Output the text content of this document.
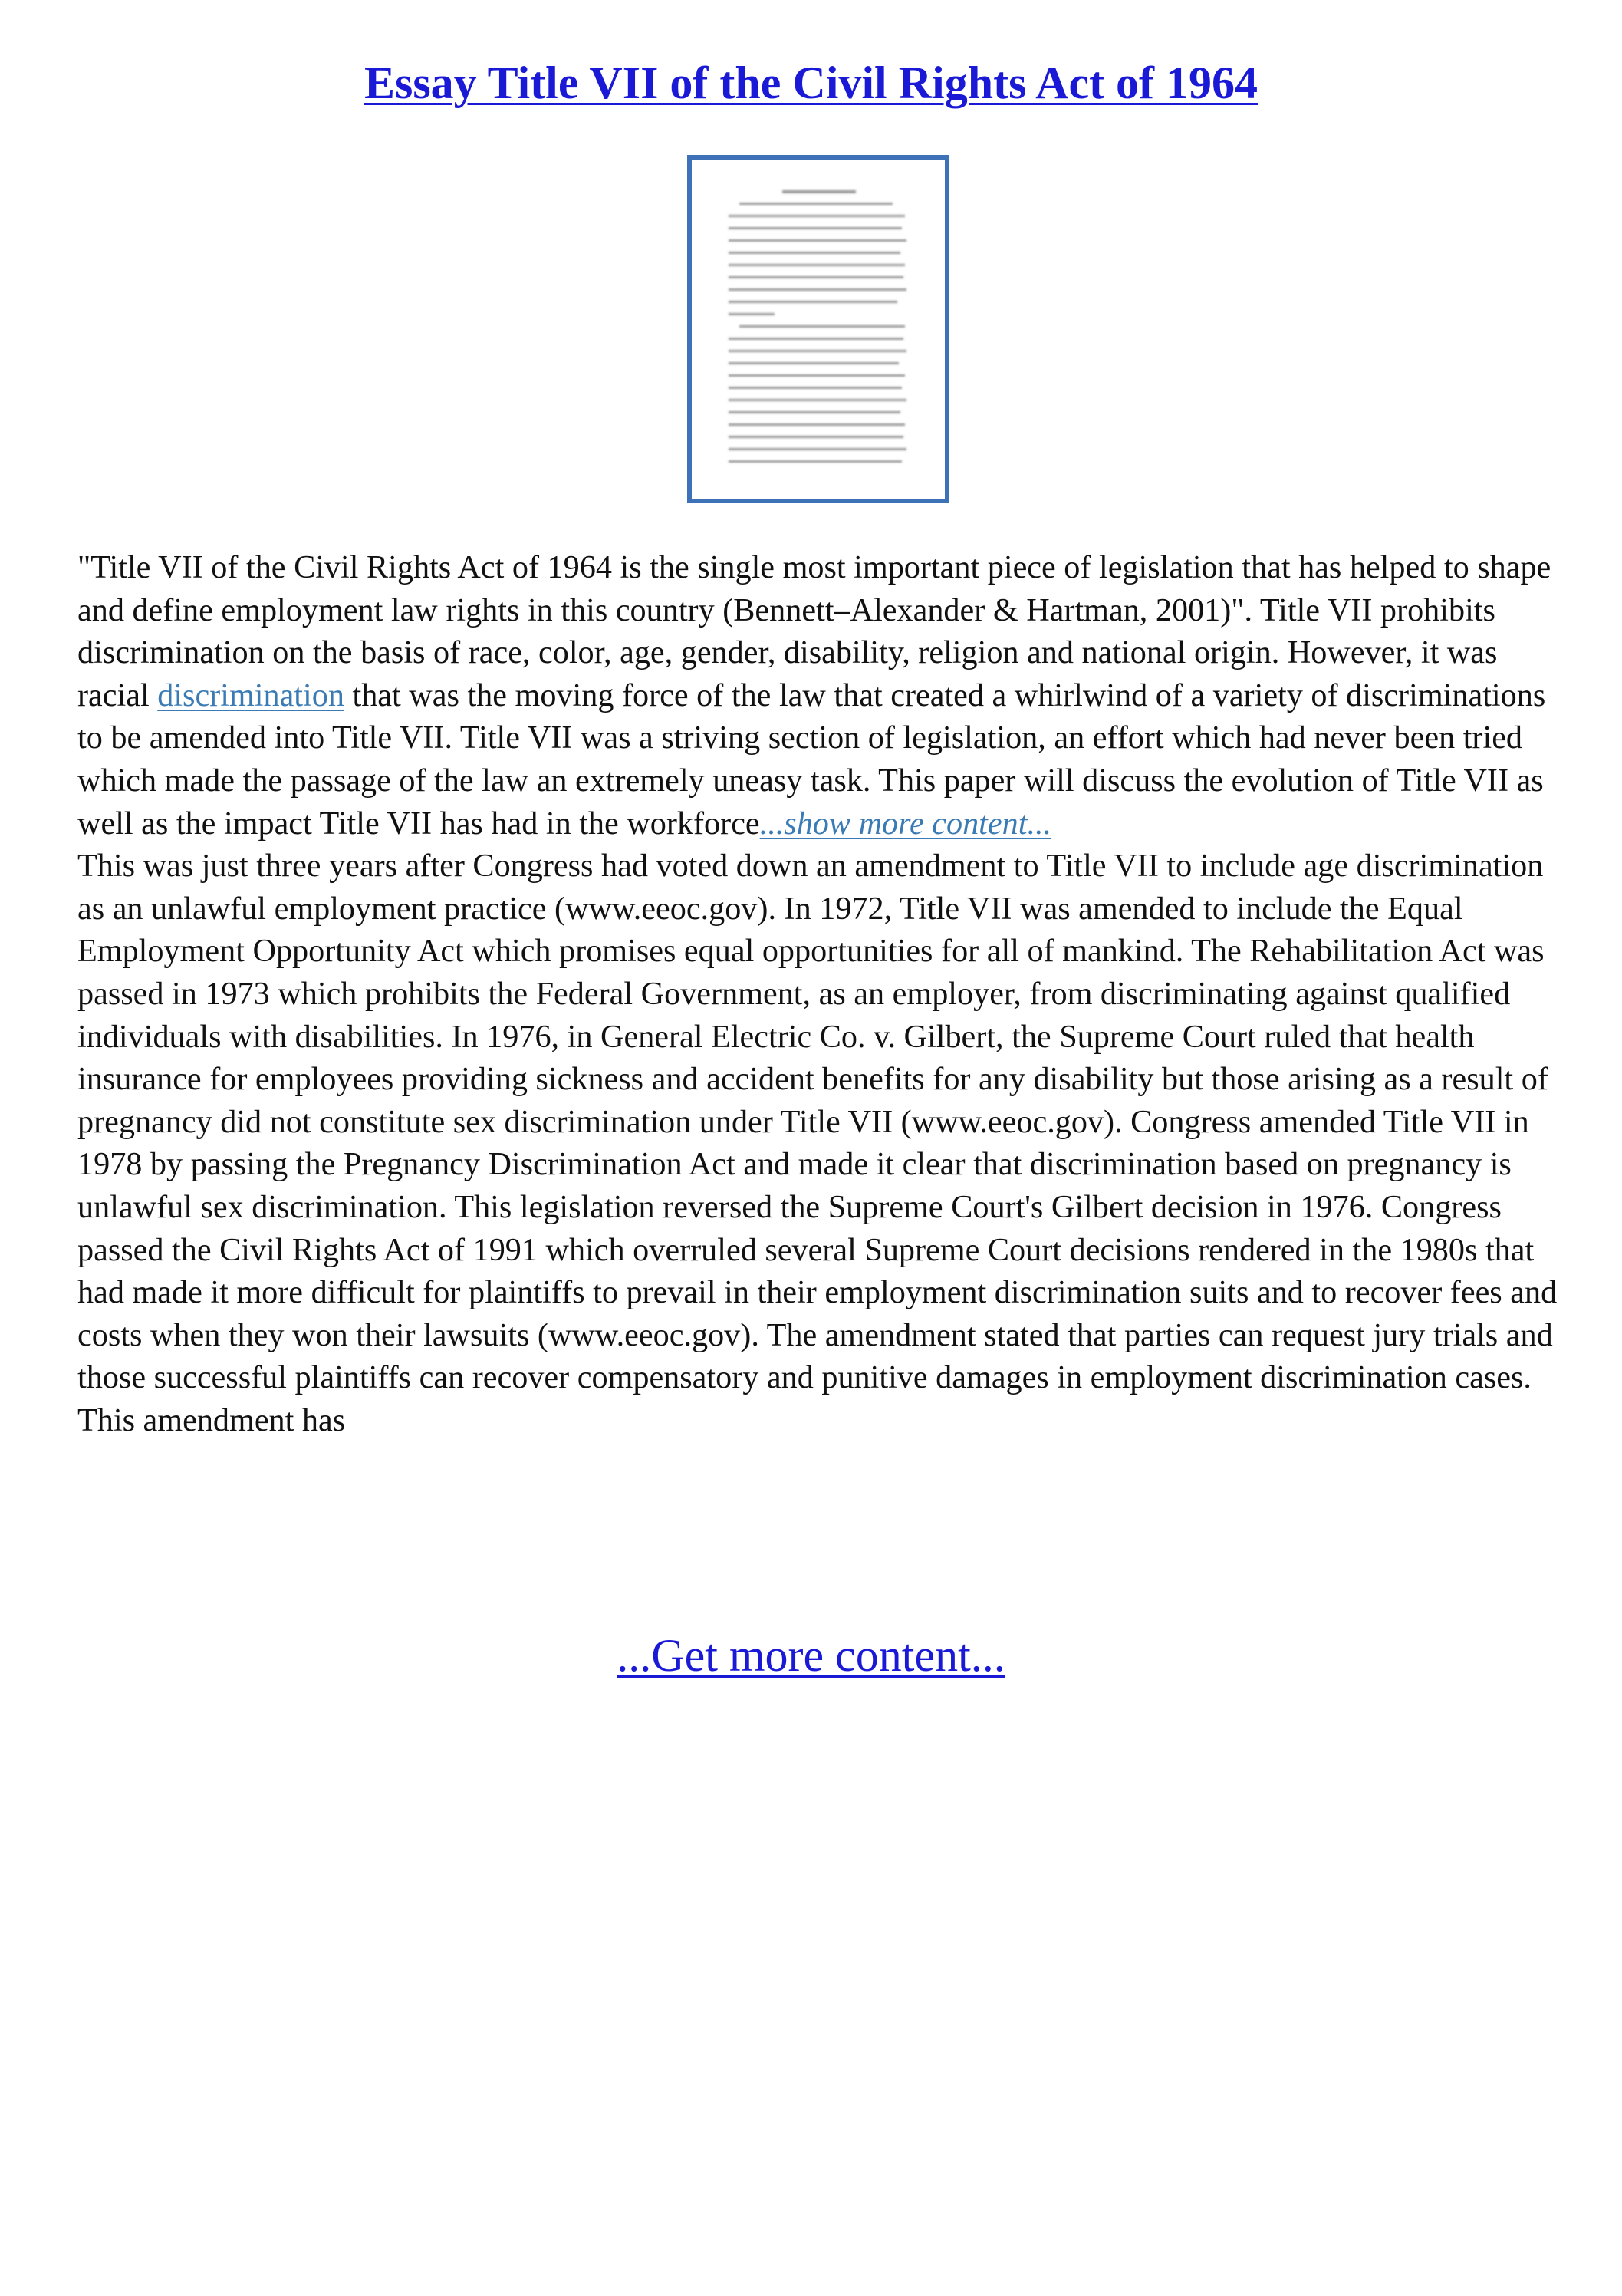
Essay Title VII of the Civil Rights Act of 1964

"Title VII of the Civil Rights Act of 1964 is the single most important piece of legislation that has helped to shape and define employment law rights in this country (Bennett–Alexander & Hartman, 2001)". Title VII prohibits discrimination on the basis of race, color, age, gender, disability, religion and national origin. However, it was racial discrimination that was the moving force of the law that created a whirlwind of a variety of discriminations to be amended into Title VII. Title VII was a striving section of legislation, an effort which had never been tried which made the passage of the law an extremely uneasy task. This paper will discuss the evolution of Title VII as well as the impact Title VII has had in the workforce...show more content...

This was just three years after Congress had voted down an amendment to Title VII to include age discrimination as an unlawful employment practice (www.eeoc.gov). In 1972, Title VII was amended to include the Equal Employment Opportunity Act which promises equal opportunities for all of mankind. The Rehabilitation Act was passed in 1973 which prohibits the Federal Government, as an employer, from discriminating against qualified individuals with disabilities. In 1976, in General Electric Co. v. Gilbert, the Supreme Court ruled that health insurance for employees providing sickness and accident benefits for any disability but those arising as a result of pregnancy did not constitute sex discrimination under Title VII (www.eeoc.gov). Congress amended Title VII in 1978 by passing the Pregnancy Discrimination Act and made it clear that discrimination based on pregnancy is unlawful sex discrimination. This legislation reversed the Supreme Court's Gilbert decision in 1976. Congress passed the Civil Rights Act of 1991 which overruled several Supreme Court decisions rendered in the 1980s that had made it more difficult for plaintiffs to prevail in their employment discrimination suits and to recover fees and costs when they won their lawsuits (www.eeoc.gov). The amendment stated that parties can request jury trials and those successful plaintiffs can recover compensatory and punitive damages in employment discrimination cases. This amendment has

...Get more content...
